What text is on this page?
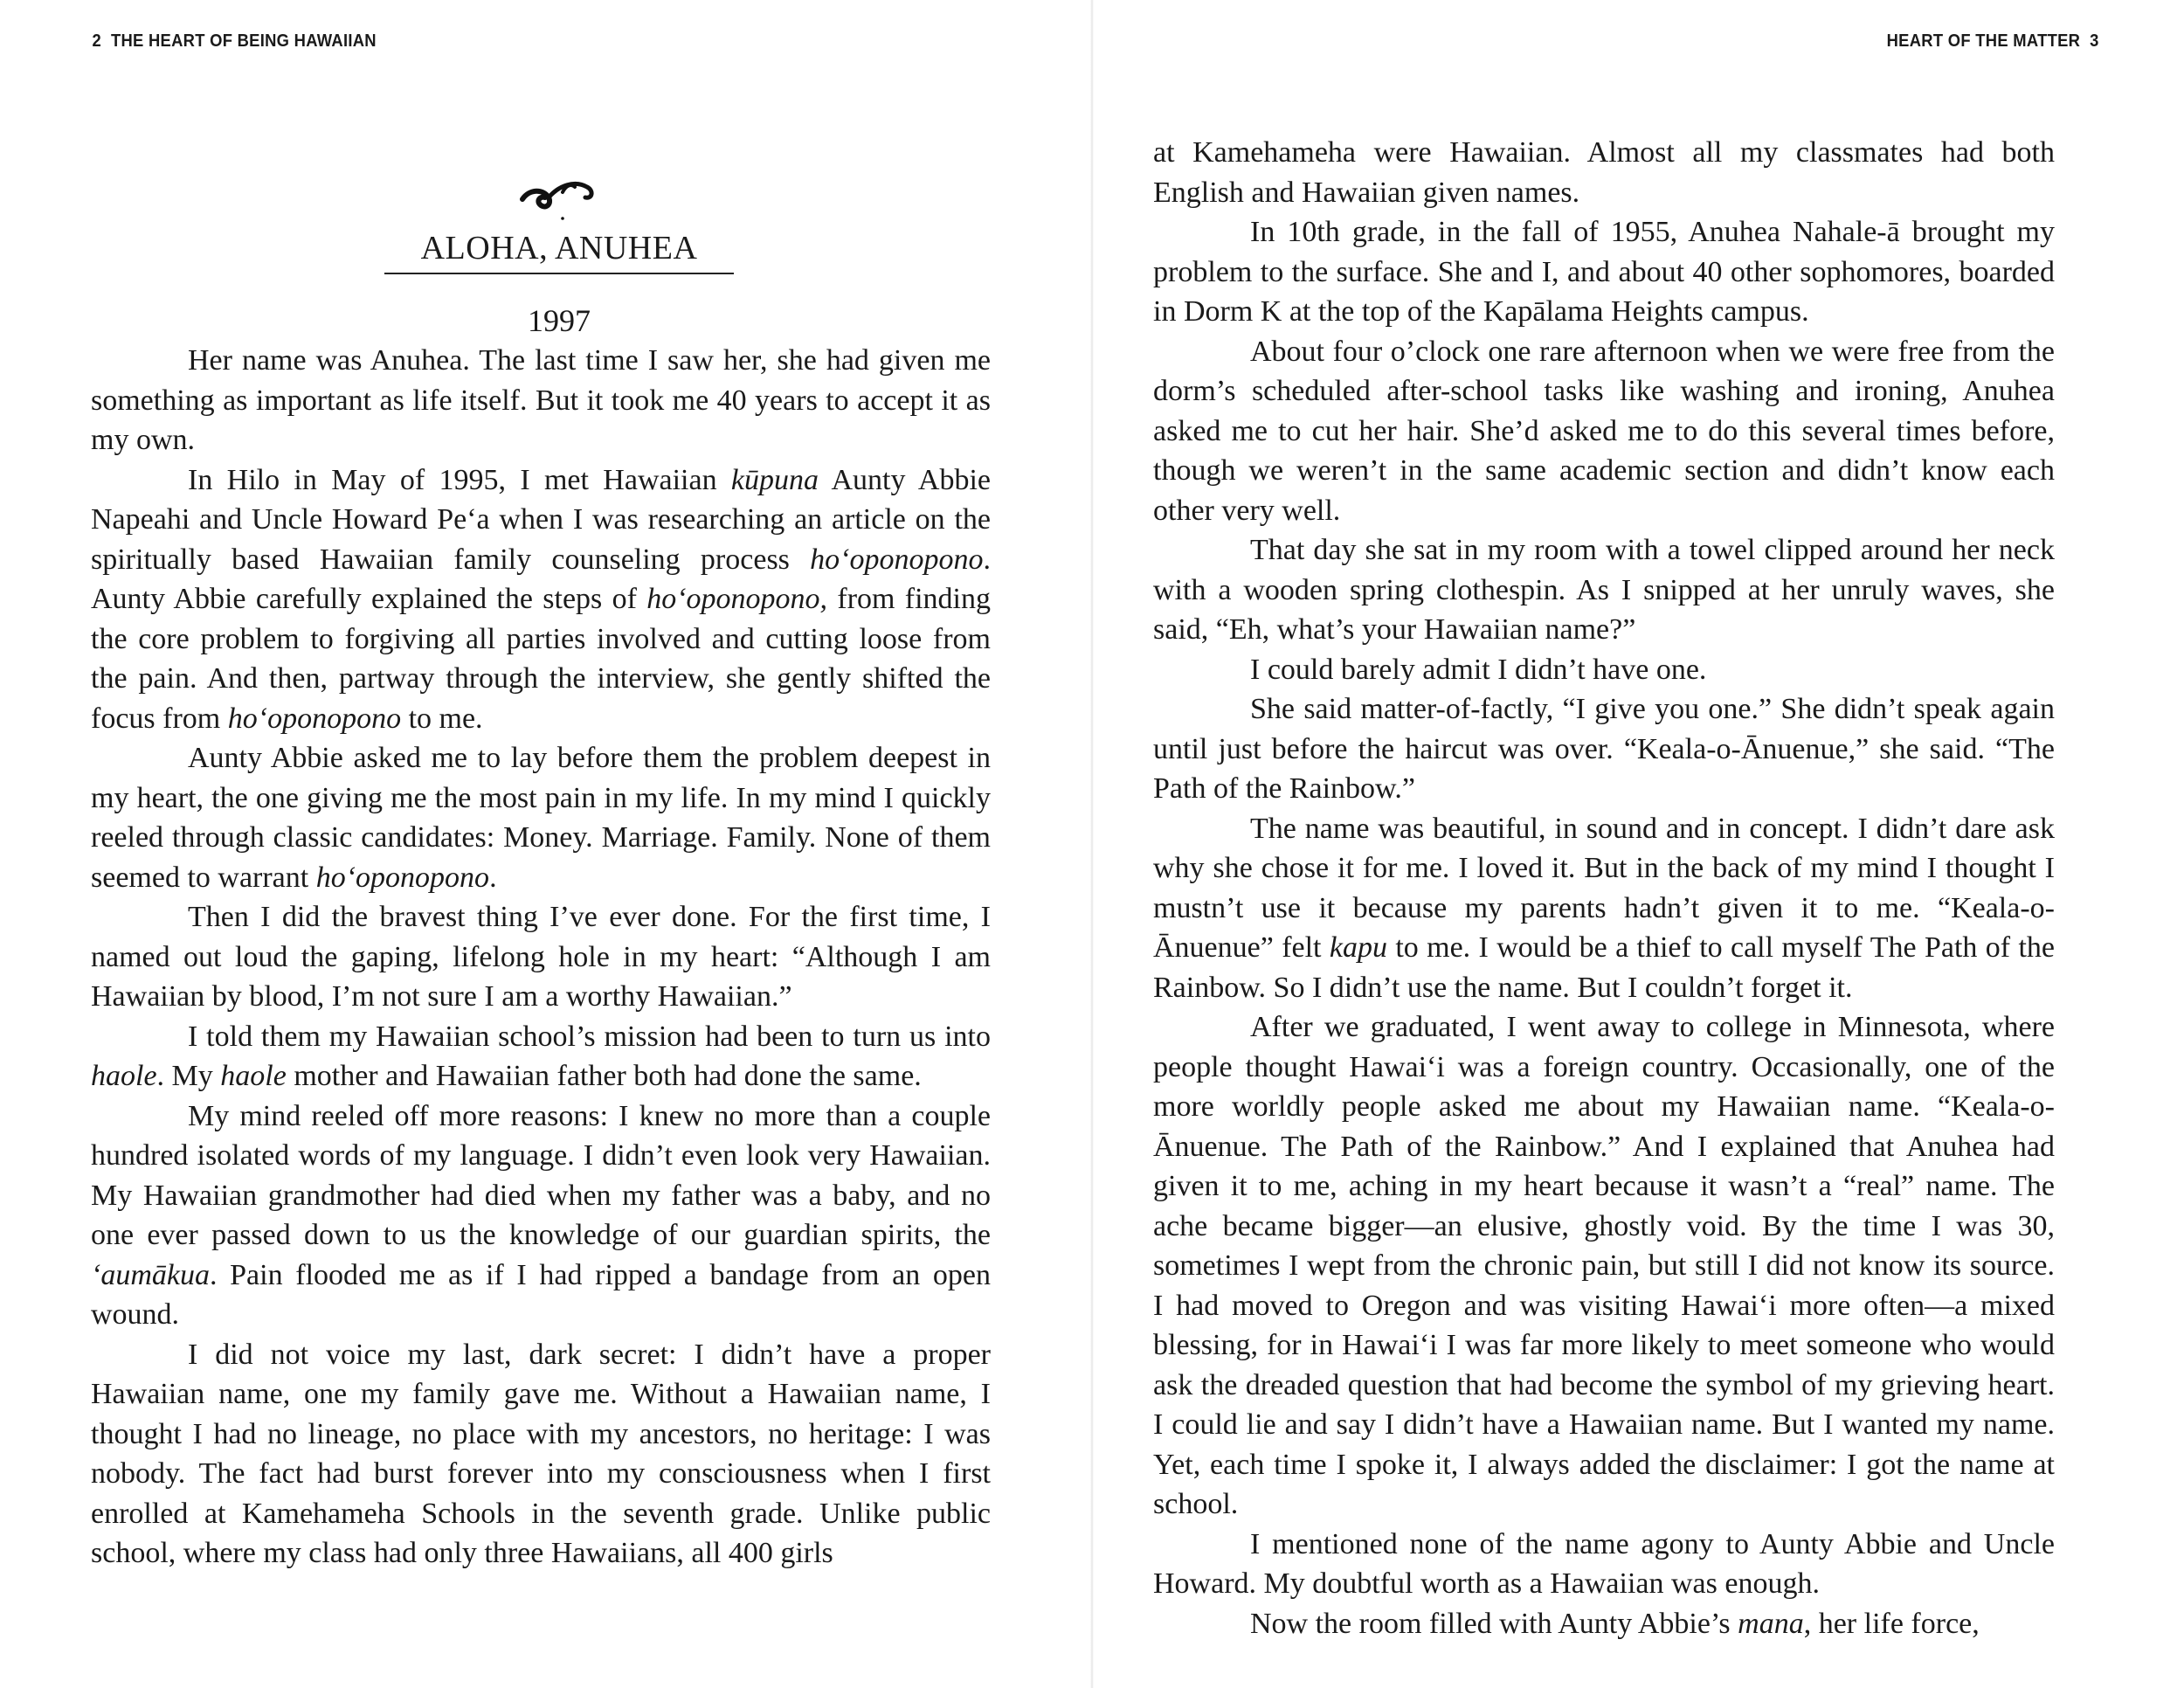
2 THE HEART OF BEING HAWAIIAN
ALOHA, ANUHEA
1997

Her name was Anuhea. The last time I saw her, she had given me something as important as life itself. But it took me 40 years to accept it as my own.

In Hilo in May of 1995, I met Hawaiian kūpuna Aunty Abbie Napeahi and Uncle Howard Pe‘a when I was researching an article on the spiritually based Hawaiian family counseling process ho‘oponopono. Aunty Abbie carefully explained the steps of ho‘oponopono, from finding the core problem to forgiving all parties involved and cutting loose from the pain. And then, partway through the interview, she gently shifted the focus from ho‘oponopono to me.

Aunty Abbie asked me to lay before them the problem deepest in my heart, the one giving me the most pain in my life. In my mind I quickly reeled through classic candidates: Money. Marriage. Family. None of them seemed to warrant ho‘oponopono.

Then I did the bravest thing I’ve ever done. For the first time, I named out loud the gaping, lifelong hole in my heart: “Although I am Hawaiian by blood, I’m not sure I am a worthy Hawaiian.”

I told them my Hawaiian school’s mission had been to turn us into haole. My haole mother and Hawaiian father both had done the same.

My mind reeled off more reasons: I knew no more than a couple hundred isolated words of my language. I didn’t even look very Hawaiian. My Hawaiian grandmother had died when my father was a baby, and no one ever passed down to us the knowledge of our guardian spirits, the ‘aumākua. Pain flooded me as if I had ripped a bandage from an open wound.

I did not voice my last, dark secret: I didn’t have a proper Hawaiian name, one my family gave me. Without a Hawaiian name, I thought I had no lineage, no place with my ancestors, no heritage: I was nobody. The fact had burst forever into my consciousness when I first enrolled at Kamehameha Schools in the seventh grade. Unlike public school, where my class had only three Hawaiians, all 400 girls

HEART OF THE MATTER 3

at Kamehameha were Hawaiian. Almost all my classmates had both English and Hawaiian given names.

In 10th grade, in the fall of 1955, Anuhea Nahale-ā brought my problem to the surface. She and I, and about 40 other sophomores, boarded in Dorm K at the top of the Kapālama Heights campus.

About four o’clock one rare afternoon when we were free from the dorm’s scheduled after-school tasks like washing and ironing, Anuhea asked me to cut her hair. She’d asked me to do this several times before, though we weren’t in the same academic section and didn’t know each other very well.

That day she sat in my room with a towel clipped around her neck with a wooden spring clothespin. As I snipped at her unruly waves, she said, “Eh, what’s your Hawaiian name?”

I could barely admit I didn’t have one.

She said matter-of-factly, “I give you one.” She didn’t speak again until just before the haircut was over. “Keala-o-Ānuenue,” she said. “The Path of the Rainbow.”

The name was beautiful, in sound and in concept. I didn’t dare ask why she chose it for me. I loved it. But in the back of my mind I thought I mustn’t use it because my parents hadn’t given it to me. “Keala-o-Ānuenue” felt kapu to me. I would be a thief to call myself The Path of the Rainbow. So I didn’t use the name. But I couldn’t forget it.

After we graduated, I went away to college in Minnesota, where people thought Hawai‘i was a foreign country. Occasionally, one of the more worldly people asked me about my Hawaiian name. “Keala-o-Ānuenue. The Path of the Rainbow.” And I explained that Anuhea had given it to me, aching in my heart because it wasn’t a “real” name. The ache became bigger—an elusive, ghostly void. By the time I was 30, sometimes I wept from the chronic pain, but still I did not know its source. I had moved to Oregon and was visiting Hawai‘i more often—a mixed blessing, for in Hawai‘i I was far more likely to meet someone who would ask the dreaded question that had become the symbol of my grieving heart. I could lie and say I didn’t have a Hawaiian name. But I wanted my name. Yet, each time I spoke it, I always added the disclaimer: I got the name at school.

I mentioned none of the name agony to Aunty Abbie and Uncle Howard. My doubtful worth as a Hawaiian was enough.

Now the room filled with Aunty Abbie’s mana, her life force,
